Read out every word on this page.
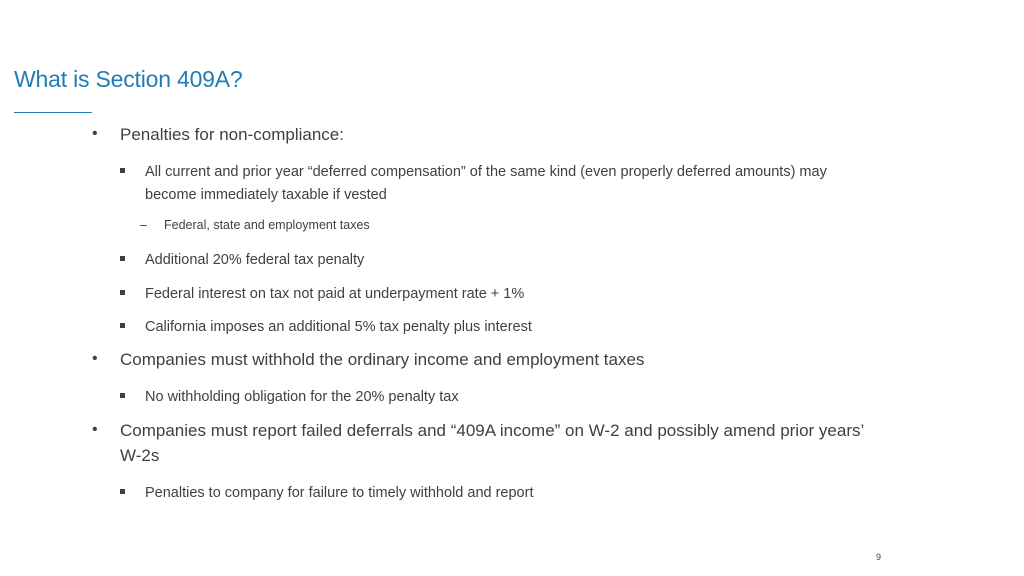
What is Section 409A?
• Penalties for non-compliance:
All current and prior year “deferred compensation” of the same kind (even properly deferred amounts) may
become immediately taxable if vested
– Federal, state and employment taxes
Additional 20% federal tax penalty
Federal interest on tax not paid at underpayment rate + 1%
California imposes an additional 5% tax penalty plus interest
• Companies must withhold the ordinary income and employment taxes
No withholding obligation for the 20% penalty tax
• Companies must report failed deferrals and “409A income” on W-2 and possibly amend prior years’
W-2s
Penalties to company for failure to timely withhold and report
9
